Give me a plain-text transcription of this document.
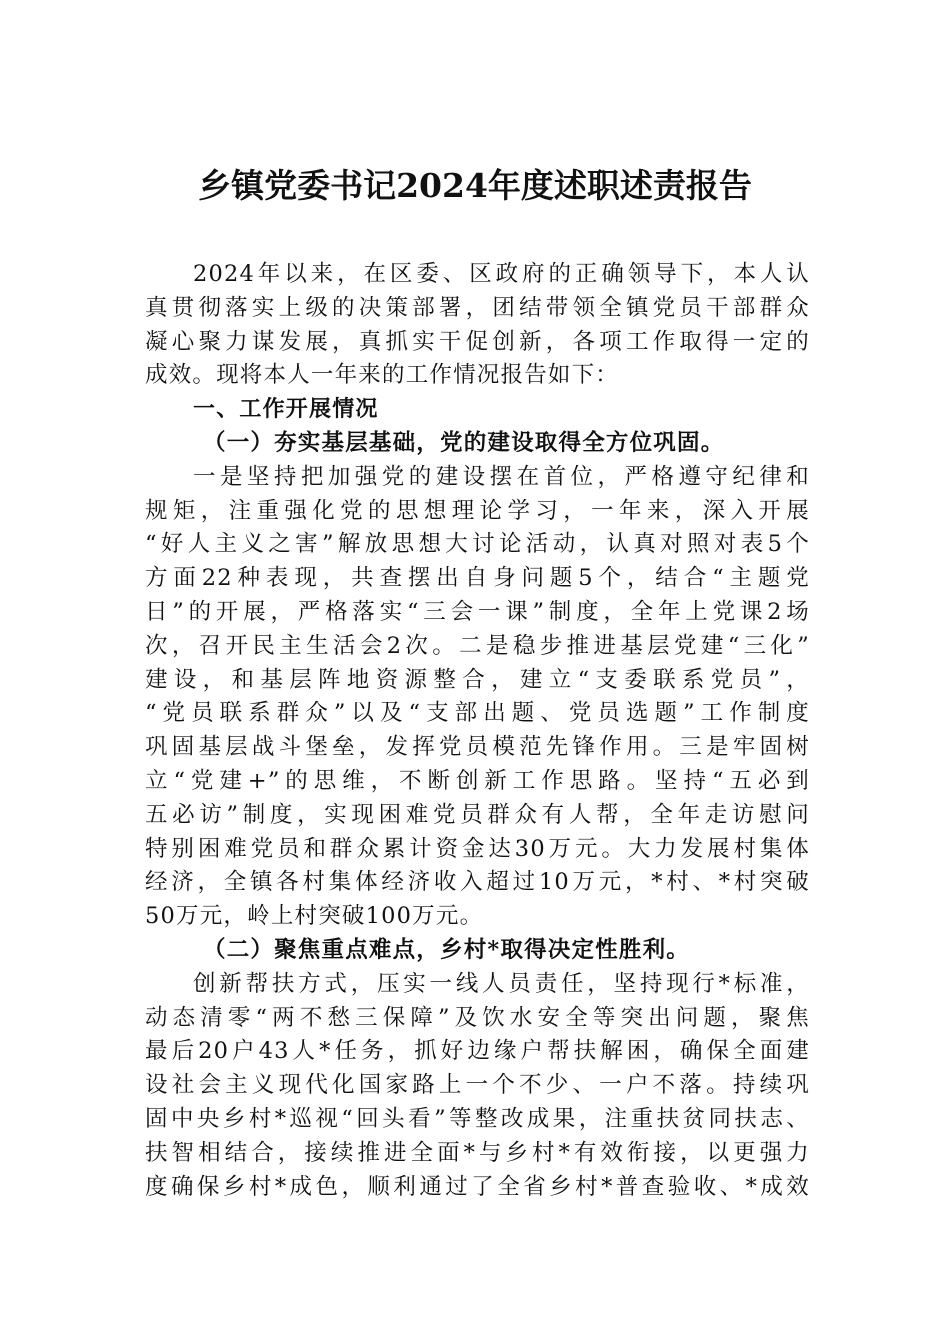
乡镇党委书记2024年度述职述责报告
2024年以来，在区委、区政府的正确领导下，本人认
真贯彻落实上级的决策部署，团结带领全镇党员干部群众
凝心聚力谋发展，真抓实干促创新，各项工作取得一定的
成效。现将本人一年来的工作情况报告如下：
一、工作开展情况
（一）夯实基层基础，党的建设取得全方位巩固。
一是坚持把加强党的建设摆在首位，严格遵守纪律和
规矩，注重强化党的思想理论学习，一年来，深入开展
“好人主义之害”解放思想大讨论活动，认真对照对表5个
方面22种表现，共查摆出自身问题5个，结合“主题党
日”的开展，严格落实“三会一课”制度，全年上党课2场
次，召开民主生活会2次。二是稳步推进基层党建“三化”
建设，和基层阵地资源整合，建立“支委联系党员”，
“党员联系群众”以及“支部出题、党员选题”工作制度
巩固基层战斗堡垒，发挥党员模范先锋作用。三是牢固树
立“党建+”的思维，不断创新工作思路。坚持“五必到
五必访”制度，实现困难党员群众有人帮，全年走访慰问
特别困难党员和群众累计资金达30万元。大力发展村集体
经济，全镇各村集体经济收入超过10万元，*村、*村突破
50万元，岭上村突破100万元。
（二）聚焦重点难点，乡村*取得决定性胜利。
创新帮扶方式，压实一线人员责任，坚持现行*标准，
动态清零“两不愁三保障”及饮水安全等突出问题，聚焦
最后20户43人*任务，抓好边缘户帮扶解困，确保全面建
设社会主义现代化国家路上一个不少、一户不落。持续巩
固中央乡村*巡视“回头看”等整改成果，注重扶贫同扶志、
扶智相结合，接续推进全面*与乡村*有效衔接，以更强力
度确保乡村*成色，顺利通过了全省乡村*普查验收、*成效
